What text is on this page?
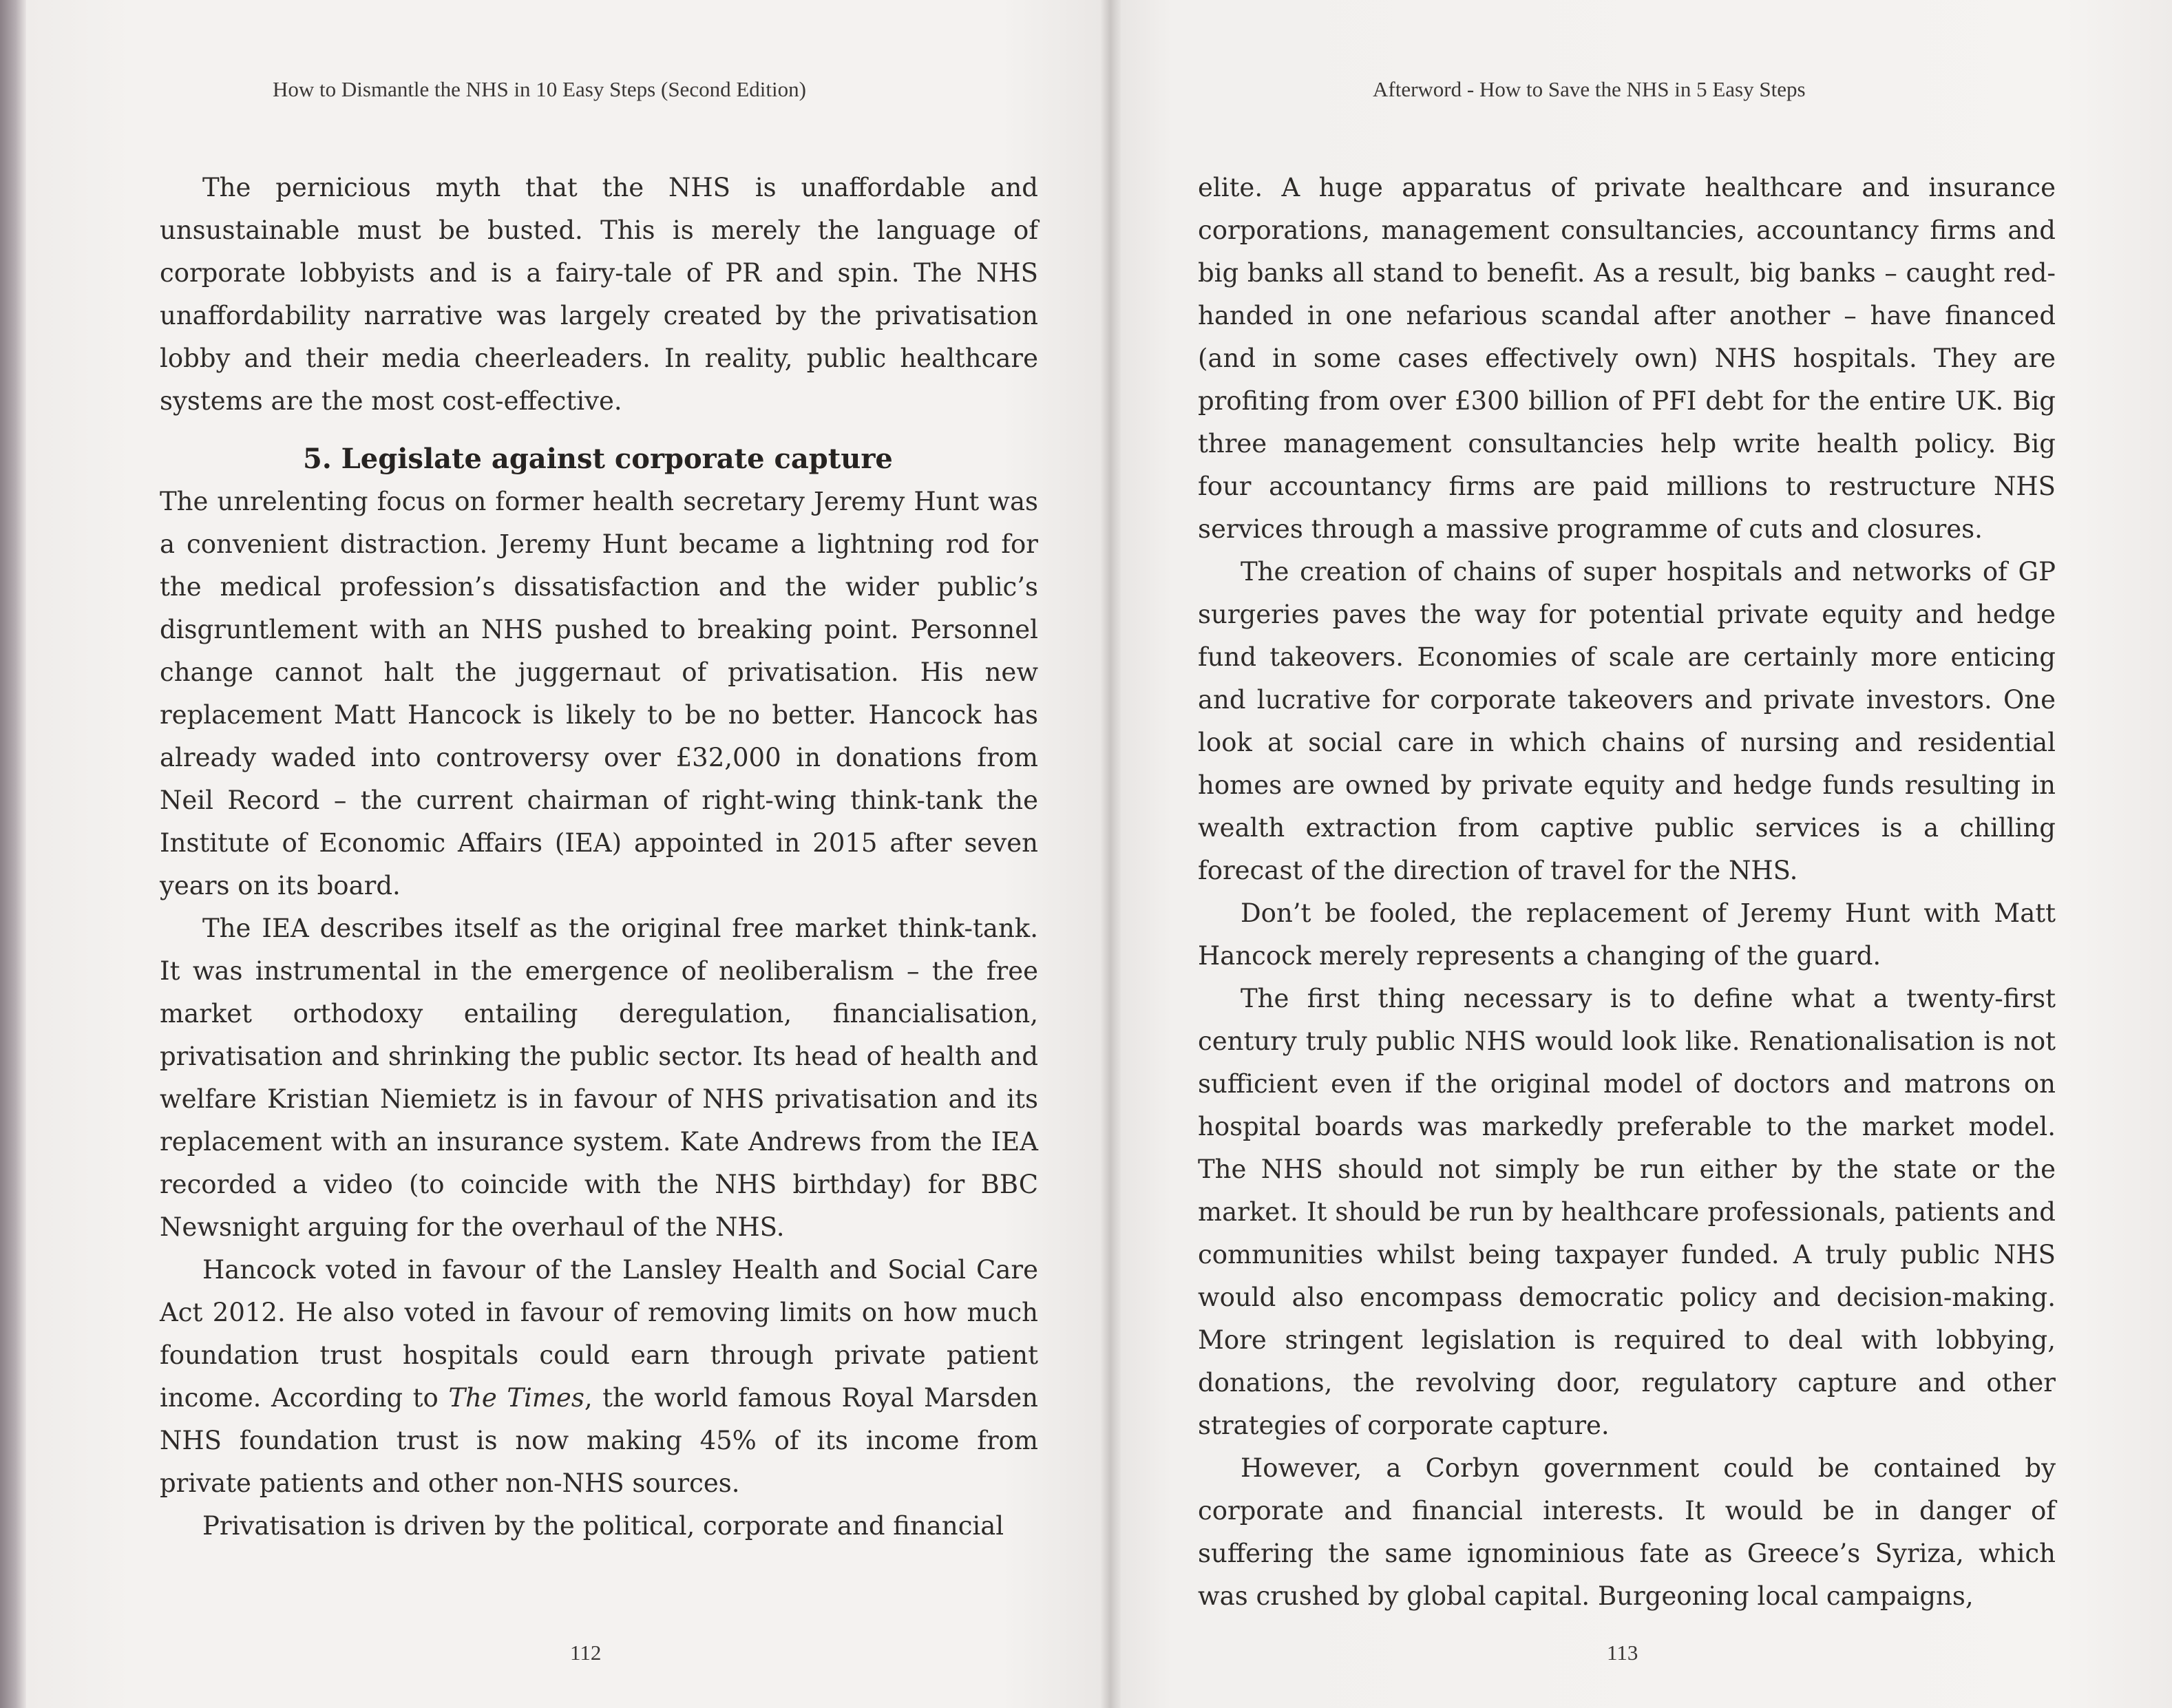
How to Dismantle the NHS in 10 Easy Steps (Second Edition)

The pernicious myth that the NHS is unaffordable and unsustainable must be busted. This is merely the language of corporate lobbyists and is a fairy-tale of PR and spin. The NHS unaffordability narrative was largely created by the privatisation lobby and their media cheerleaders. In reality, public healthcare systems are the most cost-effective.

5. Legislate against corporate capture

The unrelenting focus on former health secretary Jeremy Hunt was a convenient distraction. Jeremy Hunt became a lightning rod for the medical profession’s dissatisfaction and the wider public’s disgruntlement with an NHS pushed to breaking point. Personnel change cannot halt the juggernaut of privatisation. His new replacement Matt Hancock is likely to be no better. Hancock has already waded into controversy over £32,000 in donations from Neil Record – the current chairman of right-wing think-tank the Institute of Economic Affairs (IEA) appointed in 2015 after seven years on its board.

The IEA describes itself as the original free market think-tank. It was instrumental in the emergence of neoliberalism – the free market orthodoxy entailing deregulation, financialisation, privatisation and shrinking the public sector. Its head of health and welfare Kristian Niemietz is in favour of NHS privatisation and its replacement with an insurance system. Kate Andrews from the IEA recorded a video (to coincide with the NHS birthday) for BBC Newsnight arguing for the overhaul of the NHS.

Hancock voted in favour of the Lansley Health and Social Care Act 2012. He also voted in favour of removing limits on how much foundation trust hospitals could earn through private patient income. According to The Times, the world famous Royal Marsden NHS foundation trust is now making 45% of its income from private patients and other non-NHS sources.

Privatisation is driven by the political, corporate and financial

112
Afterword - How to Save the NHS in 5 Easy Steps

elite. A huge apparatus of private healthcare and insurance corporations, management consultancies, accountancy firms and big banks all stand to benefit. As a result, big banks – caught red-handed in one nefarious scandal after another – have financed (and in some cases effectively own) NHS hospitals. They are profiting from over £300 billion of PFI debt for the entire UK. Big three management consultancies help write health policy. Big four accountancy firms are paid millions to restructure NHS services through a massive programme of cuts and closures.

The creation of chains of super hospitals and networks of GP surgeries paves the way for potential private equity and hedge fund takeovers. Economies of scale are certainly more enticing and lucrative for corporate takeovers and private investors. One look at social care in which chains of nursing and residential homes are owned by private equity and hedge funds resulting in wealth extraction from captive public services is a chilling forecast of the direction of travel for the NHS.

Don’t be fooled, the replacement of Jeremy Hunt with Matt Hancock merely represents a changing of the guard.

The first thing necessary is to define what a twenty-first century truly public NHS would look like. Renationalisation is not sufficient even if the original model of doctors and matrons on hospital boards was markedly preferable to the market model. The NHS should not simply be run either by the state or the market. It should be run by healthcare professionals, patients and communities whilst being taxpayer funded. A truly public NHS would also encompass democratic policy and decision-making. More stringent legislation is required to deal with lobbying, donations, the revolving door, regulatory capture and other strategies of corporate capture.

However, a Corbyn government could be contained by corporate and financial interests. It would be in danger of suffering the same ignominious fate as Greece’s Syriza, which was crushed by global capital. Burgeoning local campaigns,

113
